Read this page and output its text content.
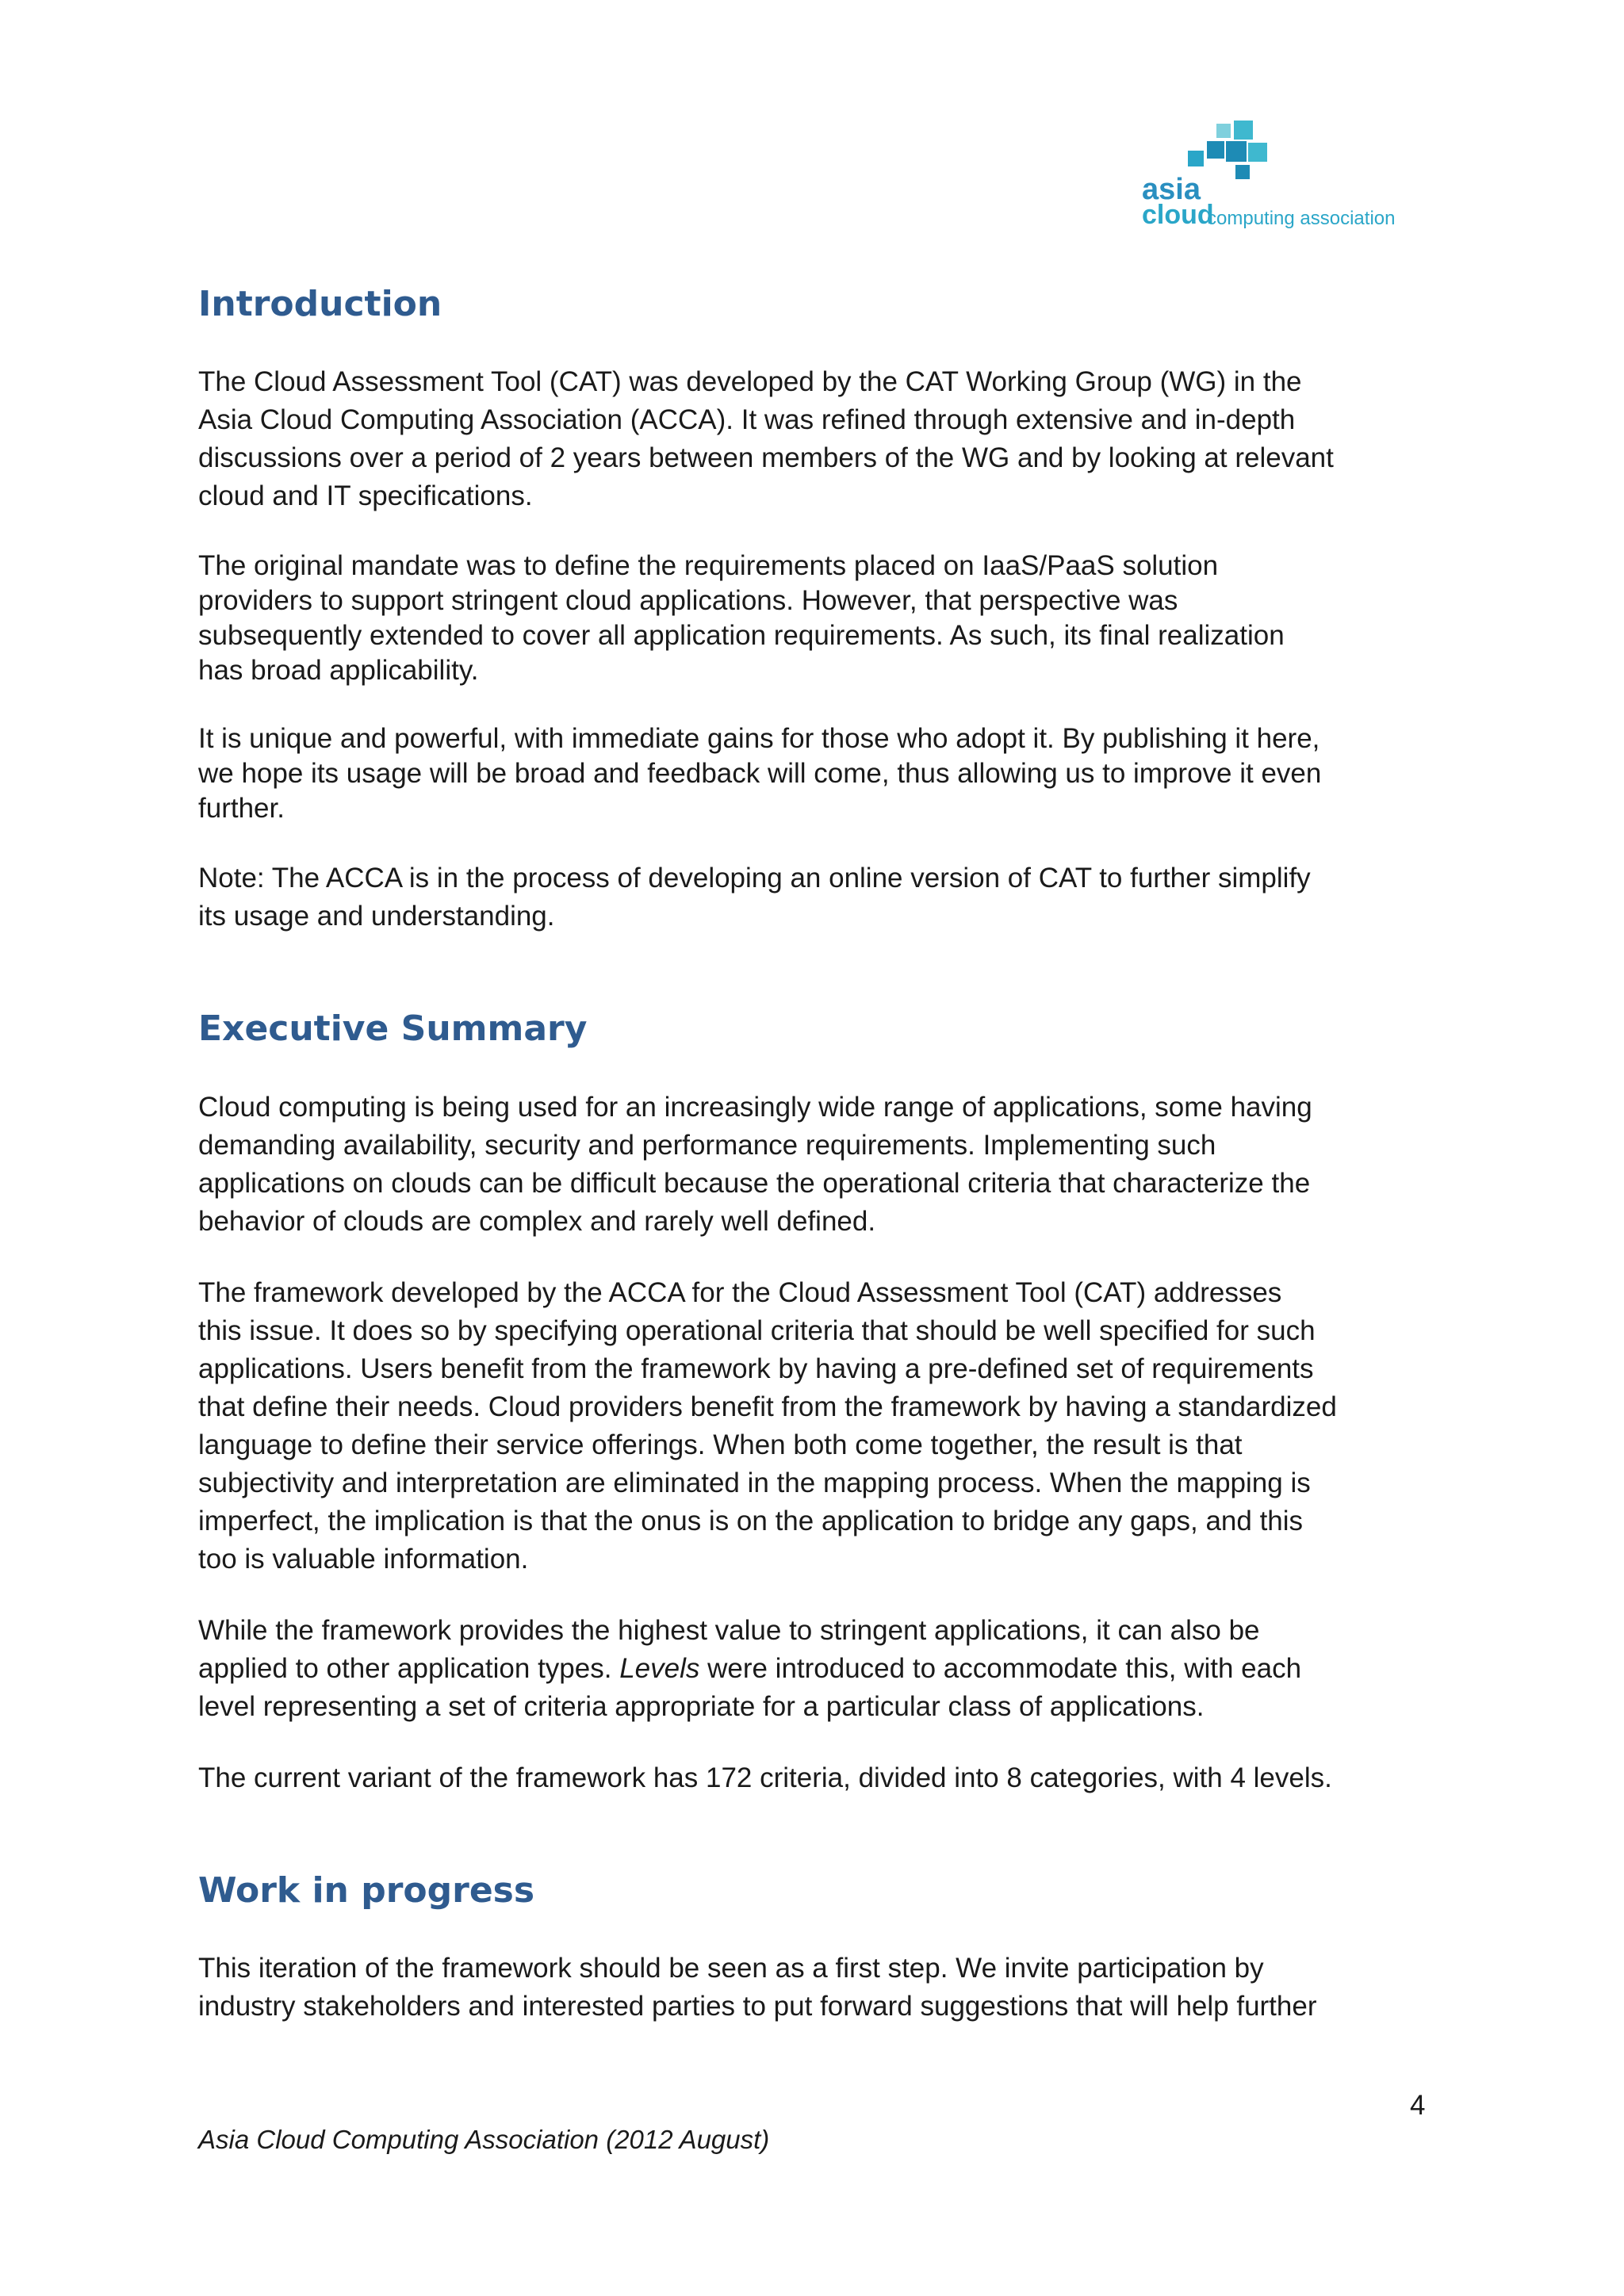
asia
cloud
computing association
Introduction

The Cloud Assessment Tool (CAT) was developed by the CAT Working Group (WG) in the
Asia Cloud Computing Association (ACCA). It was refined through extensive and in-depth
discussions over a period of 2 years between members of the WG and by looking at relevant
cloud and IT specifications.

The original mandate was to define the requirements placed on IaaS/PaaS solution
providers to support stringent cloud applications. However, that perspective was
subsequently extended to cover all application requirements. As such, its final realization
has broad applicability.

It is unique and powerful, with immediate gains for those who adopt it. By publishing it here,
we hope its usage will be broad and feedback will come, thus allowing us to improve it even
further.

Note: The ACCA is in the process of developing an online version of CAT to further simplify
its usage and understanding.

Executive Summary

Cloud computing is being used for an increasingly wide range of applications, some having
demanding availability, security and performance requirements. Implementing such
applications on clouds can be difficult because the operational criteria that characterize the
behavior of clouds are complex and rarely well defined.

The framework developed by the ACCA for the Cloud Assessment Tool (CAT) addresses
this issue. It does so by specifying operational criteria that should be well specified for such
applications. Users benefit from the framework by having a pre-defined set of requirements
that define their needs. Cloud providers benefit from the framework by having a standardized
language to define their service offerings. When both come together, the result is that
subjectivity and interpretation are eliminated in the mapping process. When the mapping is
imperfect, the implication is that the onus is on the application to bridge any gaps, and this
too is valuable information.

While the framework provides the highest value to stringent applications, it can also be
applied to other application types. Levels were introduced to accommodate this, with each
level representing a set of criteria appropriate for a particular class of applications.

The current variant of the framework has 172 criteria, divided into 8 categories, with 4 levels.

Work in progress

This iteration of the framework should be seen as a first step. We invite participation by
industry stakeholders and interested parties to put forward suggestions that will help further

4
Asia Cloud Computing Association (2012 August)
